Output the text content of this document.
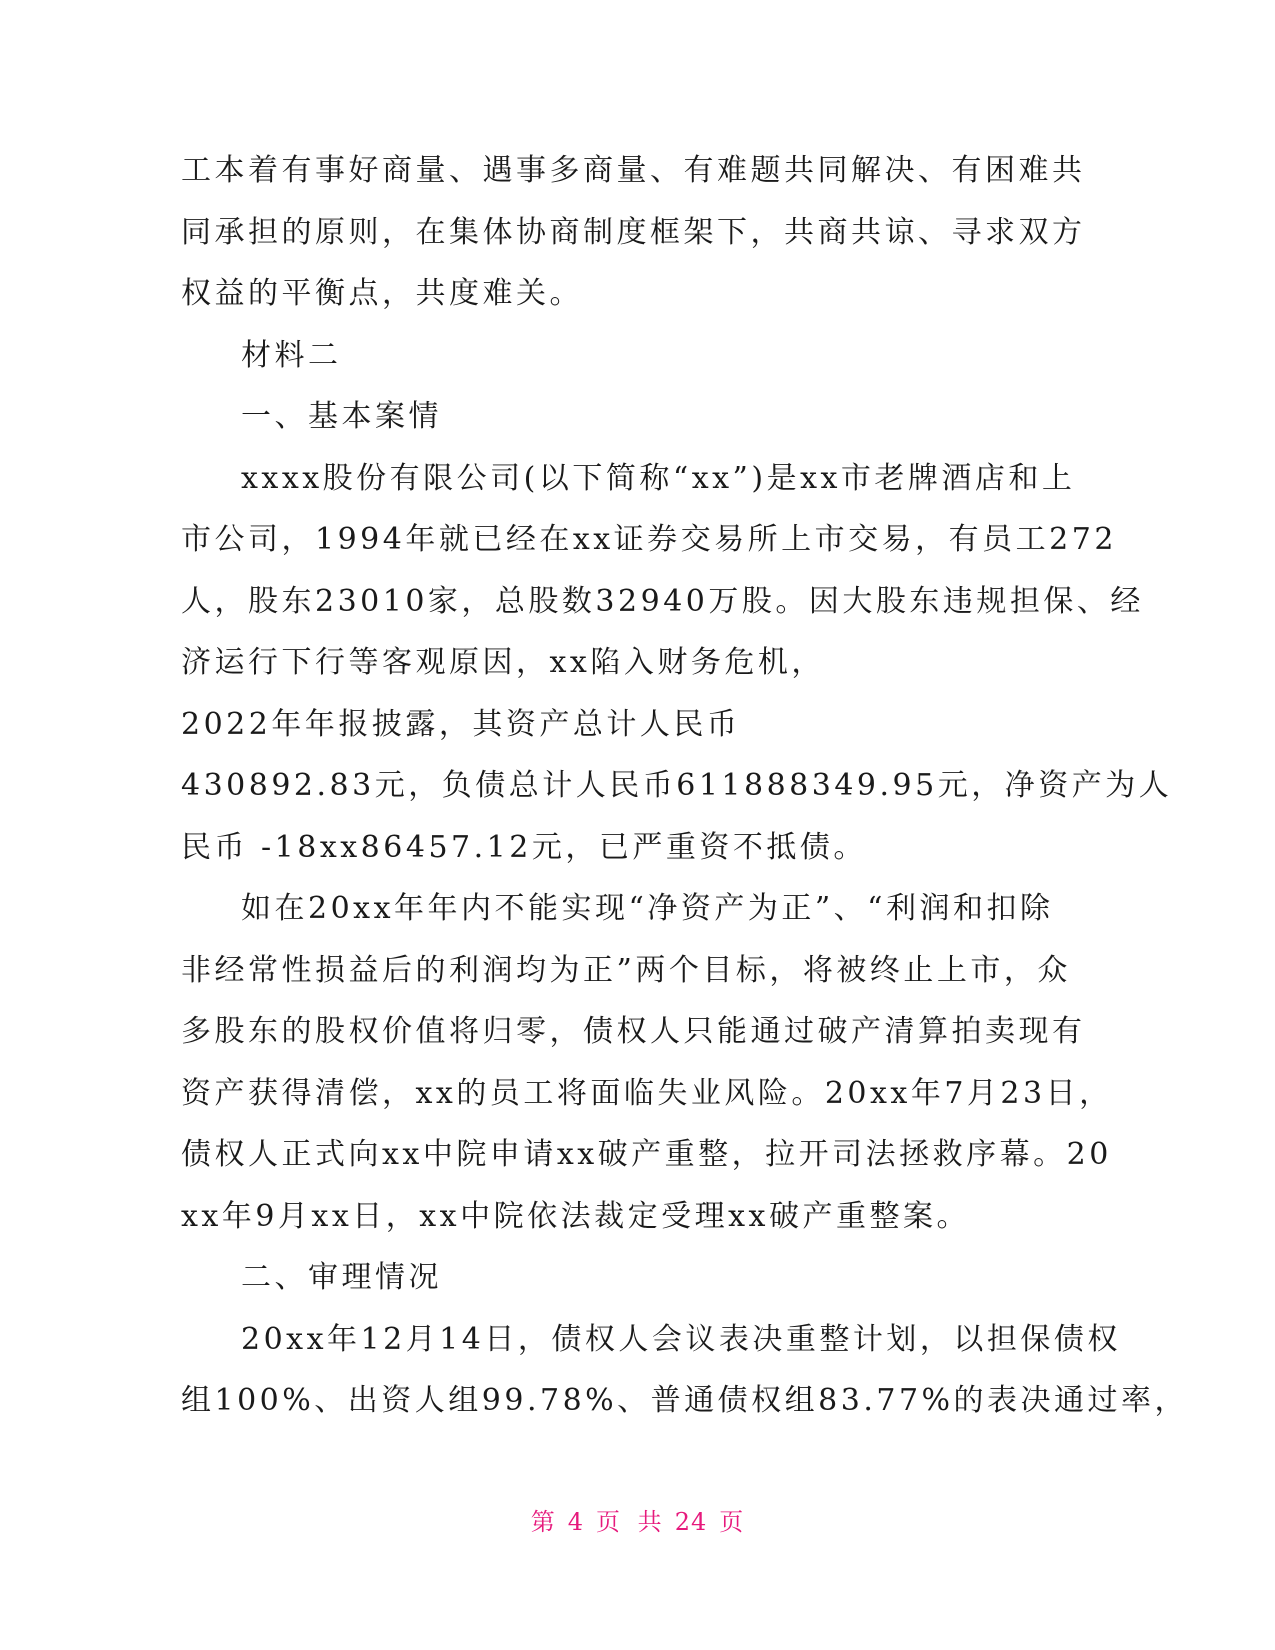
工本着有事好商量、遇事多商量、有难题共同解决、有困难共
同承担的原则，在集体协商制度框架下，共商共谅、寻求双方
权益的平衡点，共度难关。
材料二
一、基本案情
xxxx股份有限公司(以下简称“xx”)是xx市老牌酒店和上
市公司，1994年就已经在xx证券交易所上市交易，有员工272
人，股东23010家，总股数32940万股。因大股东违规担保、经
济运行下行等客观原因，xx陷入财务危机，
2022年年报披露，其资产总计人民币
430892.83元，负债总计人民币611888349.95元，净资产为人
民币 -18xx86457.12元，已严重资不抵债。
如在20xx年年内不能实现“净资产为正”、“利润和扣除
非经常性损益后的利润均为正”两个目标，将被终止上市，众
多股东的股权价值将归零，债权人只能通过破产清算拍卖现有
资产获得清偿，xx的员工将面临失业风险。20xx年7月23日，
债权人正式向xx中院申请xx破产重整，拉开司法拯救序幕。20
xx年9月xx日，xx中院依法裁定受理xx破产重整案。
二、审理情况
20xx年12月14日，债权人会议表决重整计划，以担保债权
组100%、出资人组99.78%、普通债权组83.77%的表决通过率，
第 4 页 共 24 页
